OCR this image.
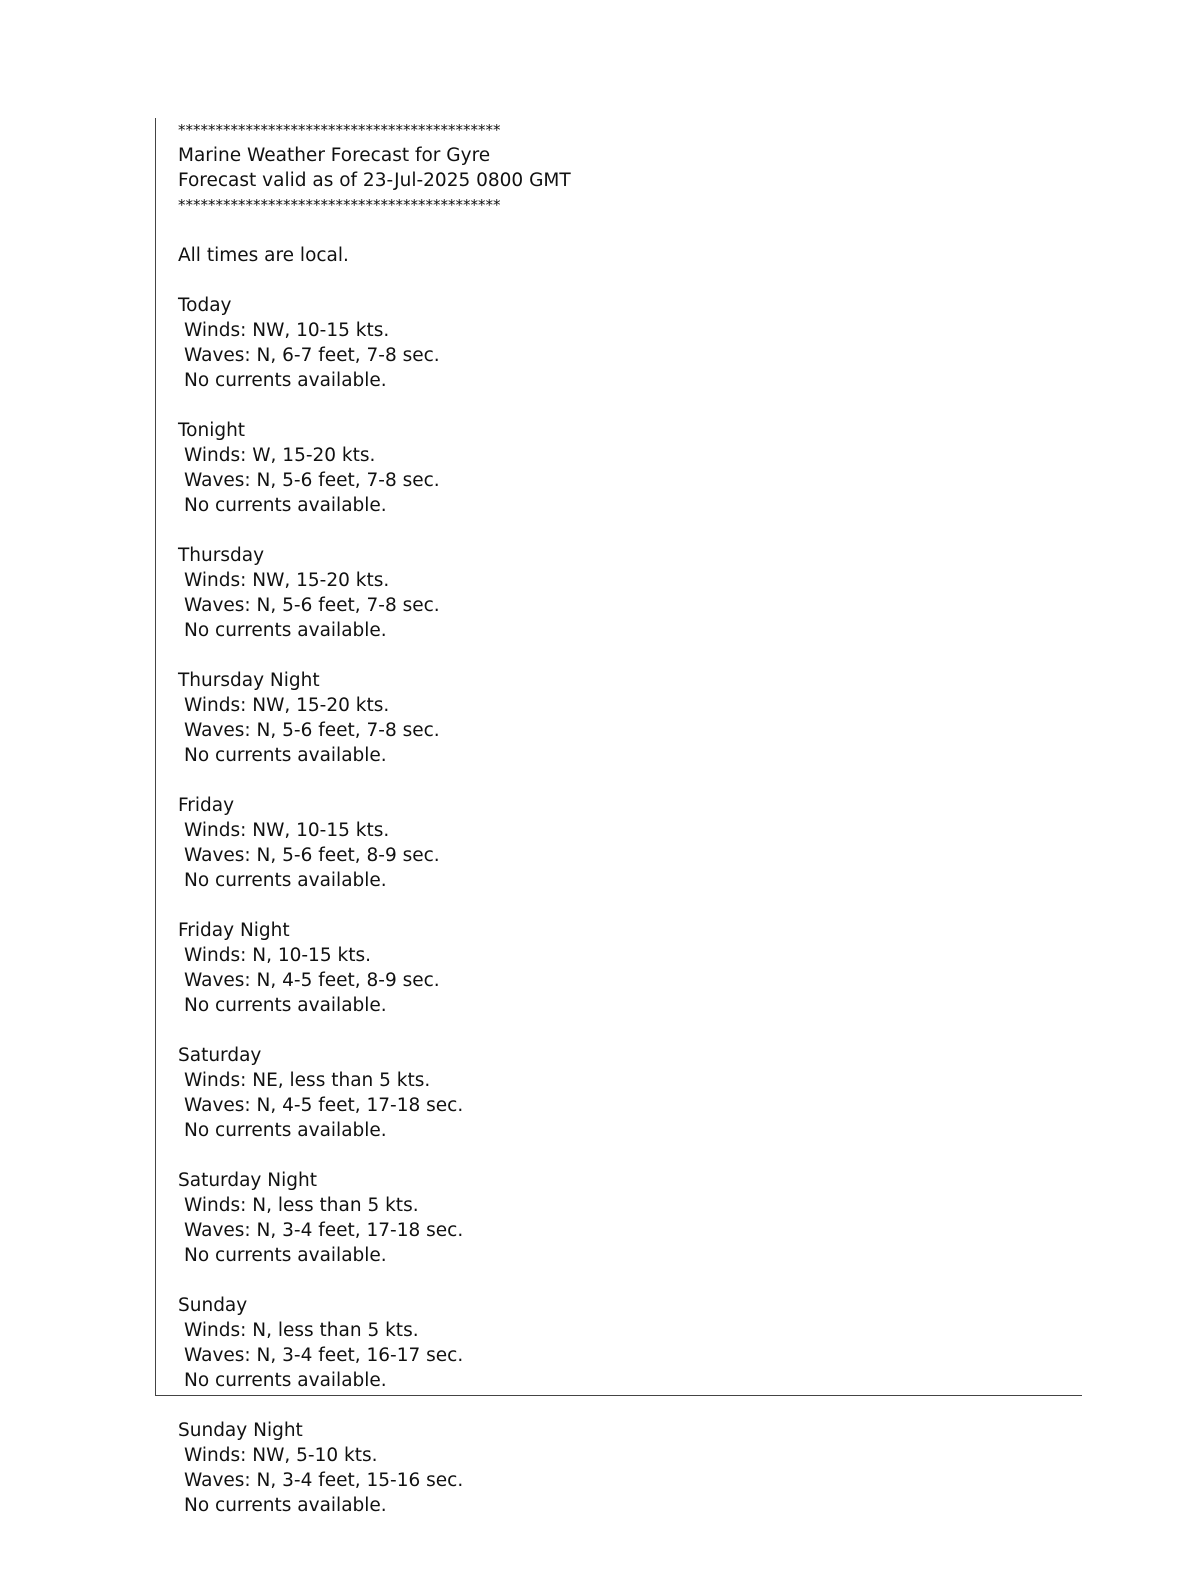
*******************************************
Marine Weather Forecast for Gyre
Forecast valid as of 23-Jul-2025 0800 GMT
*******************************************
All times are local.
Today
Winds: NW, 10-15 kts.
Waves: N, 6-7 feet, 7-8 sec.
No currents available.
Tonight
Winds: W, 15-20 kts.
Waves: N, 5-6 feet, 7-8 sec.
No currents available.
Thursday
Winds: NW, 15-20 kts.
Waves: N, 5-6 feet, 7-8 sec.
No currents available.
Thursday Night
Winds: NW, 15-20 kts.
Waves: N, 5-6 feet, 7-8 sec.
No currents available.
Friday
Winds: NW, 10-15 kts.
Waves: N, 5-6 feet, 8-9 sec.
No currents available.
Friday Night
Winds: N, 10-15 kts.
Waves: N, 4-5 feet, 8-9 sec.
No currents available.
Saturday
Winds: NE, less than 5 kts.
Waves: N, 4-5 feet, 17-18 sec.
No currents available.
Saturday Night
Winds: N, less than 5 kts.
Waves: N, 3-4 feet, 17-18 sec.
No currents available.
Sunday
Winds: N, less than 5 kts.
Waves: N, 3-4 feet, 16-17 sec.
No currents available.
Sunday Night
Winds: NW, 5-10 kts.
Waves: N, 3-4 feet, 15-16 sec.
No currents available.
